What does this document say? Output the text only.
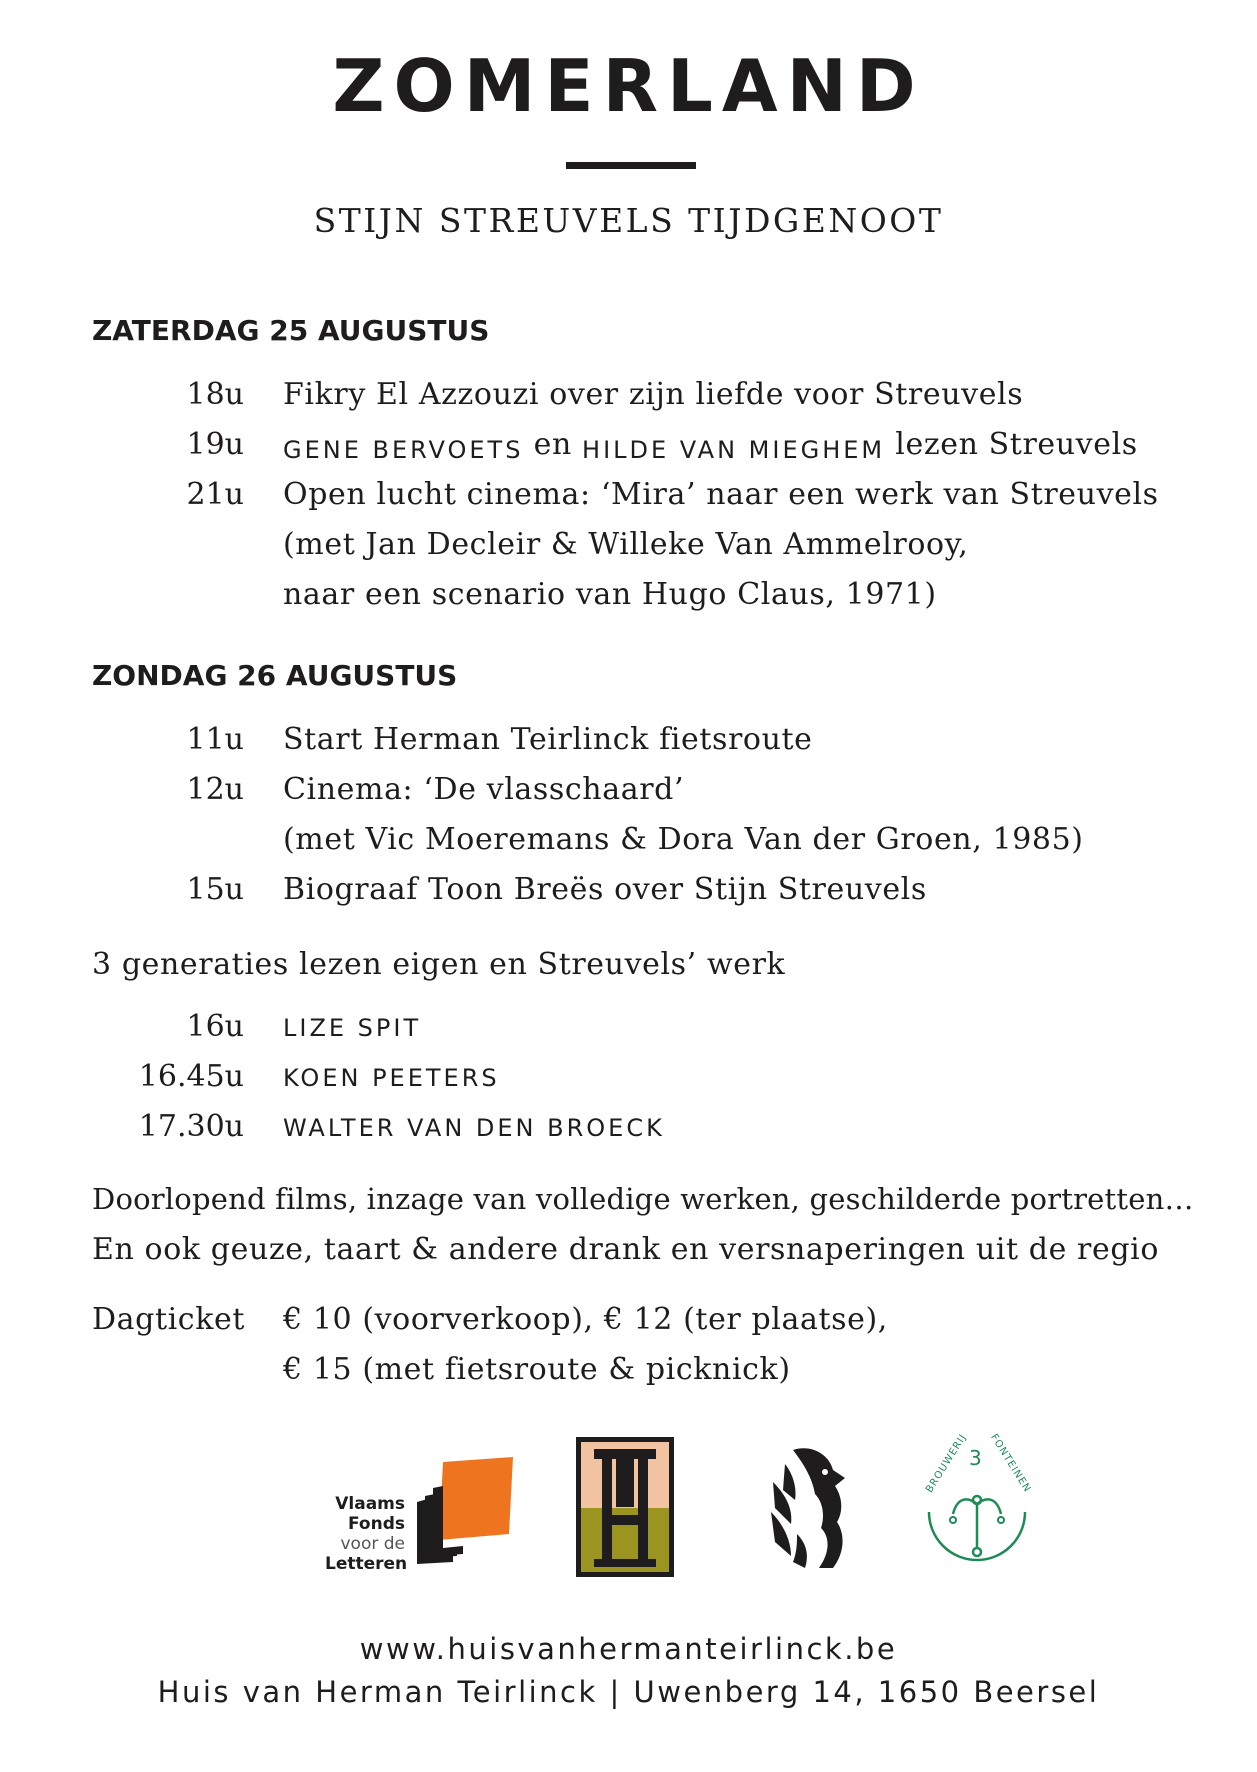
ZOMERLAND
STIJN STREUVELS TIJDGENOOT
ZATERDAG 25 AUGUSTUS
18u Fikry El Azzouzi over zijn liefde voor Streuvels
19u GENE BERVOETS en HILDE VAN MIEGHEM lezen Streuvels
21u Open lucht cinema: ‘Mira’ naar een werk van Streuvels
(met Jan Decleir & Willeke Van Ammelrooy,
naar een scenario van Hugo Claus, 1971)
ZONDAG 26 AUGUSTUS
11u Start Herman Teirlinck fietsroute
12u Cinema: ‘De vlasschaard’
(met Vic Moeremans & Dora Van der Groen, 1985)
15u Biograaf Toon Breës over Stijn Streuvels
3 generaties lezen eigen en Streuvels’ werk
16u LIZE SPIT
16.45u KOEN PEETERS
17.30u WALTER VAN DEN BROECK
Doorlopend films, inzage van volledige werken, geschilderde portretten…
En ook geuze, taart & andere drank en versnaperingen uit de regio
Dagticket € 10 (voorverkoop), € 12 (ter plaatse),
€ 15 (met fietsroute & picknick)
Vlaams
Fonds
voor de
Letteren
BROUWERIJ 3 FONTEINEN
www.huisvanhermanteirlinck.be
Huis van Herman Teirlinck | Uwenberg 14, 1650 Beersel
